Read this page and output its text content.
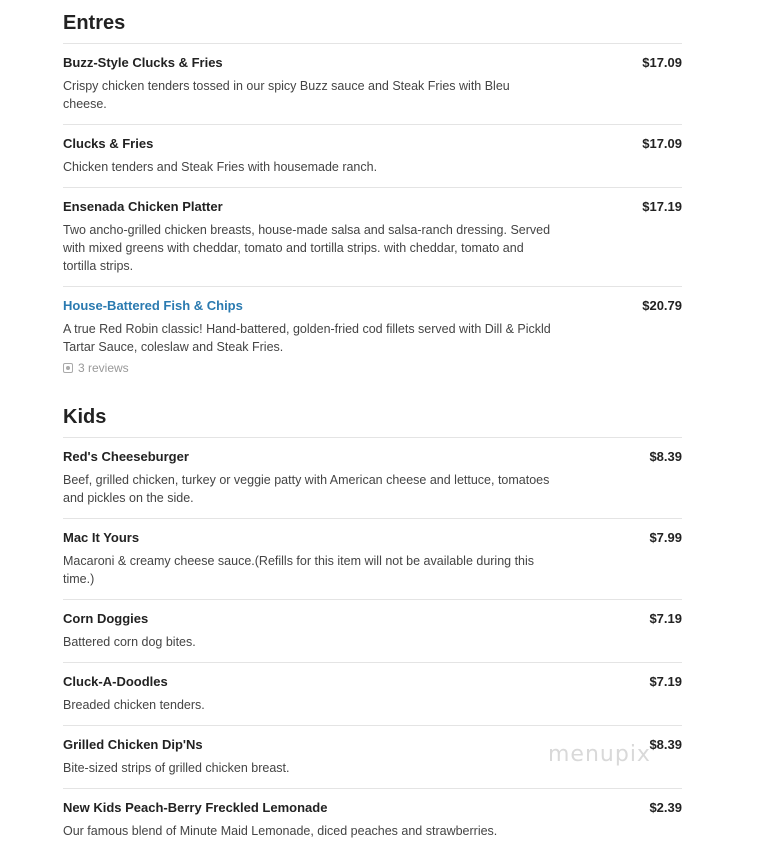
Entres
Buzz-Style Clucks & Fries	$17.09
Crispy chicken tenders tossed in our spicy Buzz sauce and Steak Fries with Bleu cheese.
Clucks & Fries	$17.09
Chicken tenders and Steak Fries with housemade ranch.
Ensenada Chicken Platter	$17.19
Two ancho-grilled chicken breasts, house-made salsa and salsa-ranch dressing. Served with mixed greens with cheddar, tomato and tortilla strips. with cheddar, tomato and tortilla strips.
House-Battered Fish & Chips	$20.79
A true Red Robin classic! Hand-battered, golden-fried cod fillets served with Dill & Pickld Tartar Sauce, coleslaw and Steak Fries.
3 reviews
Kids
Red's Cheeseburger	$8.39
Beef, grilled chicken, turkey or veggie patty with American cheese and lettuce, tomatoes and pickles on the side.
Mac It Yours	$7.99
Macaroni & creamy cheese sauce.(Refills for this item will not be available during this time.)
Corn Doggies	$7.19
Battered corn dog bites.
Cluck-A-Doodles	$7.19
Breaded chicken tenders.
Grilled Chicken Dip'Ns	$8.39
Bite-sized strips of grilled chicken breast.
New Kids Peach-Berry Freckled Lemonade	$2.39
Our famous blend of Minute Maid Lemonade, diced peaches and strawberries.
menupix
